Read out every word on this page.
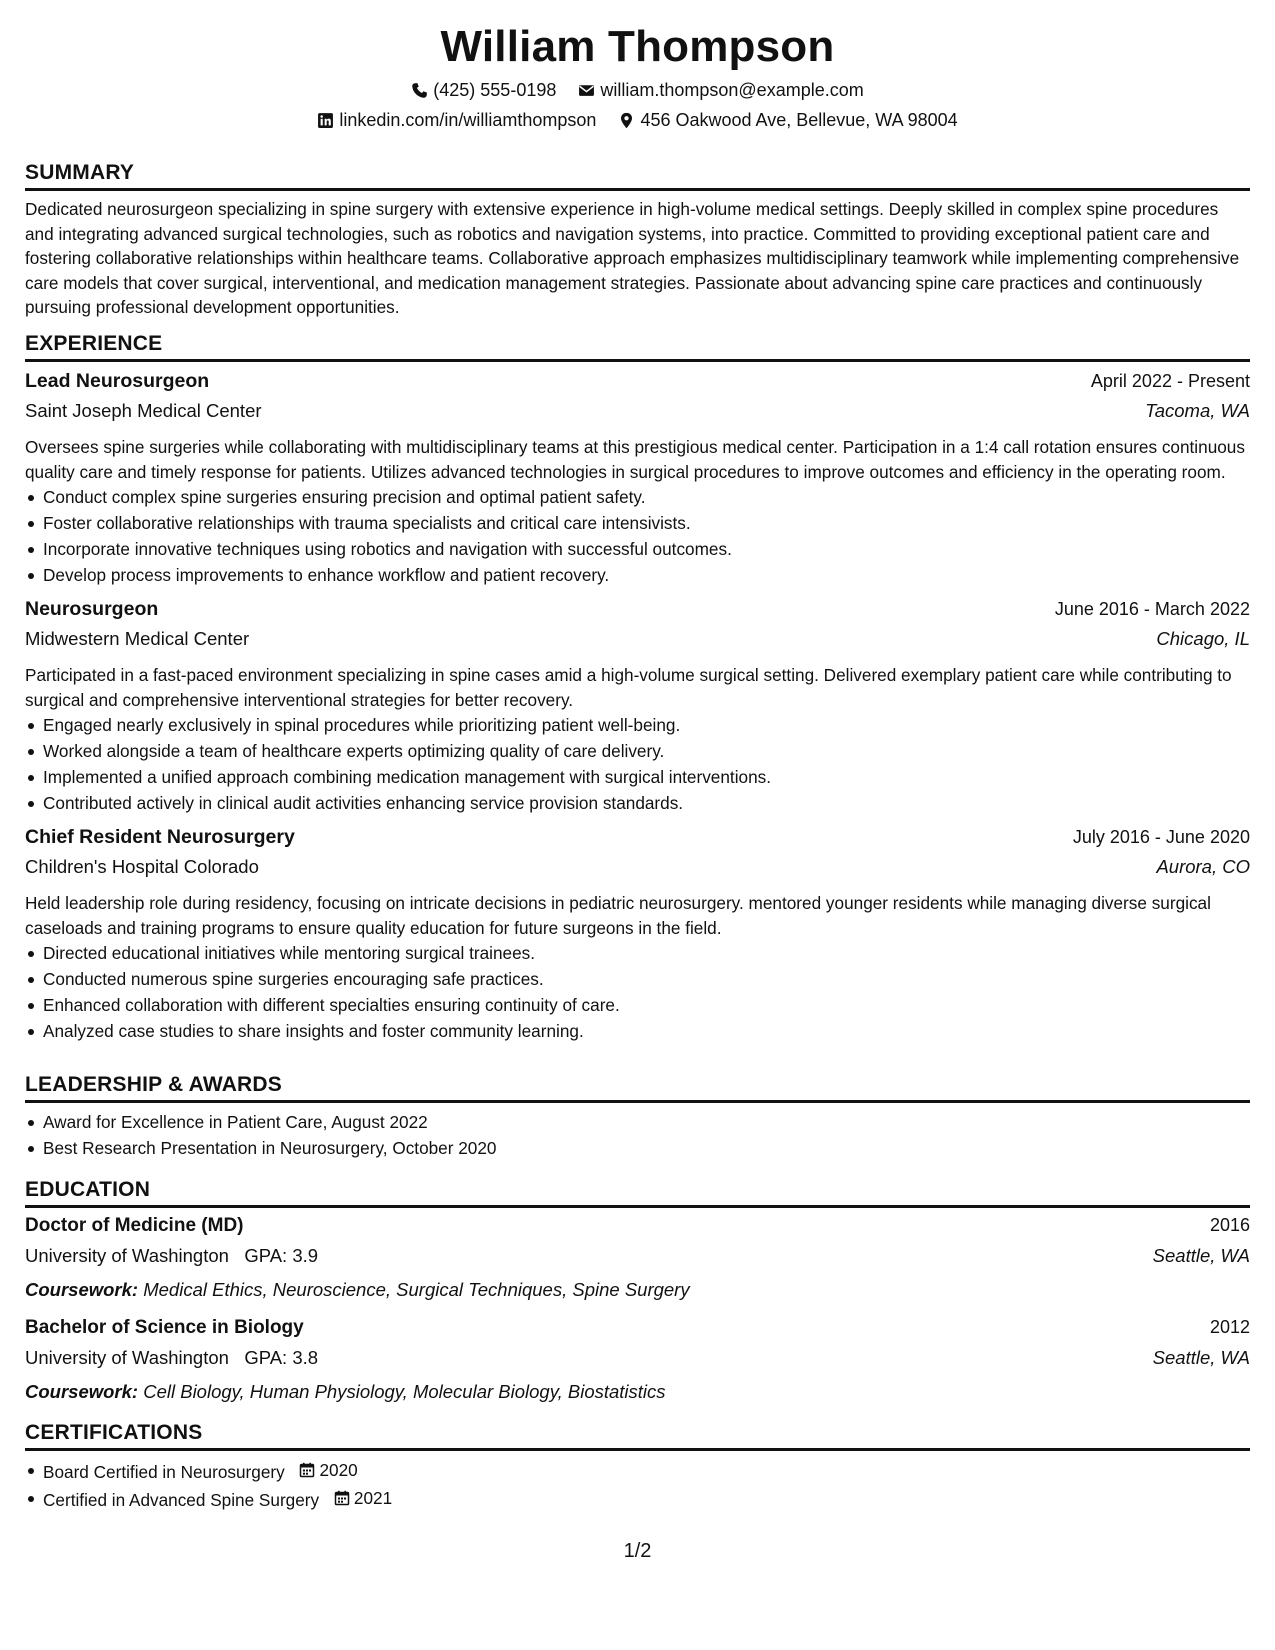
William Thompson
(425) 555-0198 william.thompson@example.com
linkedin.com/in/williamthompson 456 Oakwood Ave, Bellevue, WA 98004
SUMMARY
Dedicated neurosurgeon specializing in spine surgery with extensive experience in high-volume medical settings. Deeply skilled in complex spine procedures and integrating advanced surgical technologies, such as robotics and navigation systems, into practice. Committed to providing exceptional patient care and fostering collaborative relationships within healthcare teams. Collaborative approach emphasizes multidisciplinary teamwork while implementing comprehensive care models that cover surgical, interventional, and medication management strategies. Passionate about advancing spine care practices and continuously pursuing professional development opportunities.
EXPERIENCE
Lead Neurosurgeon	April 2022 - Present
Saint Joseph Medical Center	Tacoma, WA
Oversees spine surgeries while collaborating with multidisciplinary teams at this prestigious medical center. Participation in a 1:4 call rotation ensures continuous quality care and timely response for patients. Utilizes advanced technologies in surgical procedures to improve outcomes and efficiency in the operating room.
Conduct complex spine surgeries ensuring precision and optimal patient safety.
Foster collaborative relationships with trauma specialists and critical care intensivists.
Incorporate innovative techniques using robotics and navigation with successful outcomes.
Develop process improvements to enhance workflow and patient recovery.
Neurosurgeon	June 2016 - March 2022
Midwestern Medical Center	Chicago, IL
Participated in a fast-paced environment specializing in spine cases amid a high-volume surgical setting. Delivered exemplary patient care while contributing to surgical and comprehensive interventional strategies for better recovery.
Engaged nearly exclusively in spinal procedures while prioritizing patient well-being.
Worked alongside a team of healthcare experts optimizing quality of care delivery.
Implemented a unified approach combining medication management with surgical interventions.
Contributed actively in clinical audit activities enhancing service provision standards.
Chief Resident Neurosurgery	July 2016 - June 2020
Children's Hospital Colorado	Aurora, CO
Held leadership role during residency, focusing on intricate decisions in pediatric neurosurgery. mentored younger residents while managing diverse surgical caseloads and training programs to ensure quality education for future surgeons in the field.
Directed educational initiatives while mentoring surgical trainees.
Conducted numerous spine surgeries encouraging safe practices.
Enhanced collaboration with different specialties ensuring continuity of care.
Analyzed case studies to share insights and foster community learning.
LEADERSHIP & AWARDS
Award for Excellence in Patient Care, August 2022
Best Research Presentation in Neurosurgery, October 2020
EDUCATION
Doctor of Medicine (MD)	2016
University of Washington GPA: 3.9	Seattle, WA
Coursework: Medical Ethics, Neuroscience, Surgical Techniques, Spine Surgery
Bachelor of Science in Biology	2012
University of Washington GPA: 3.8	Seattle, WA
Coursework: Cell Biology, Human Physiology, Molecular Biology, Biostatistics
CERTIFICATIONS
Board Certified in Neurosurgery 2020
Certified in Advanced Spine Surgery 2021
1/2
